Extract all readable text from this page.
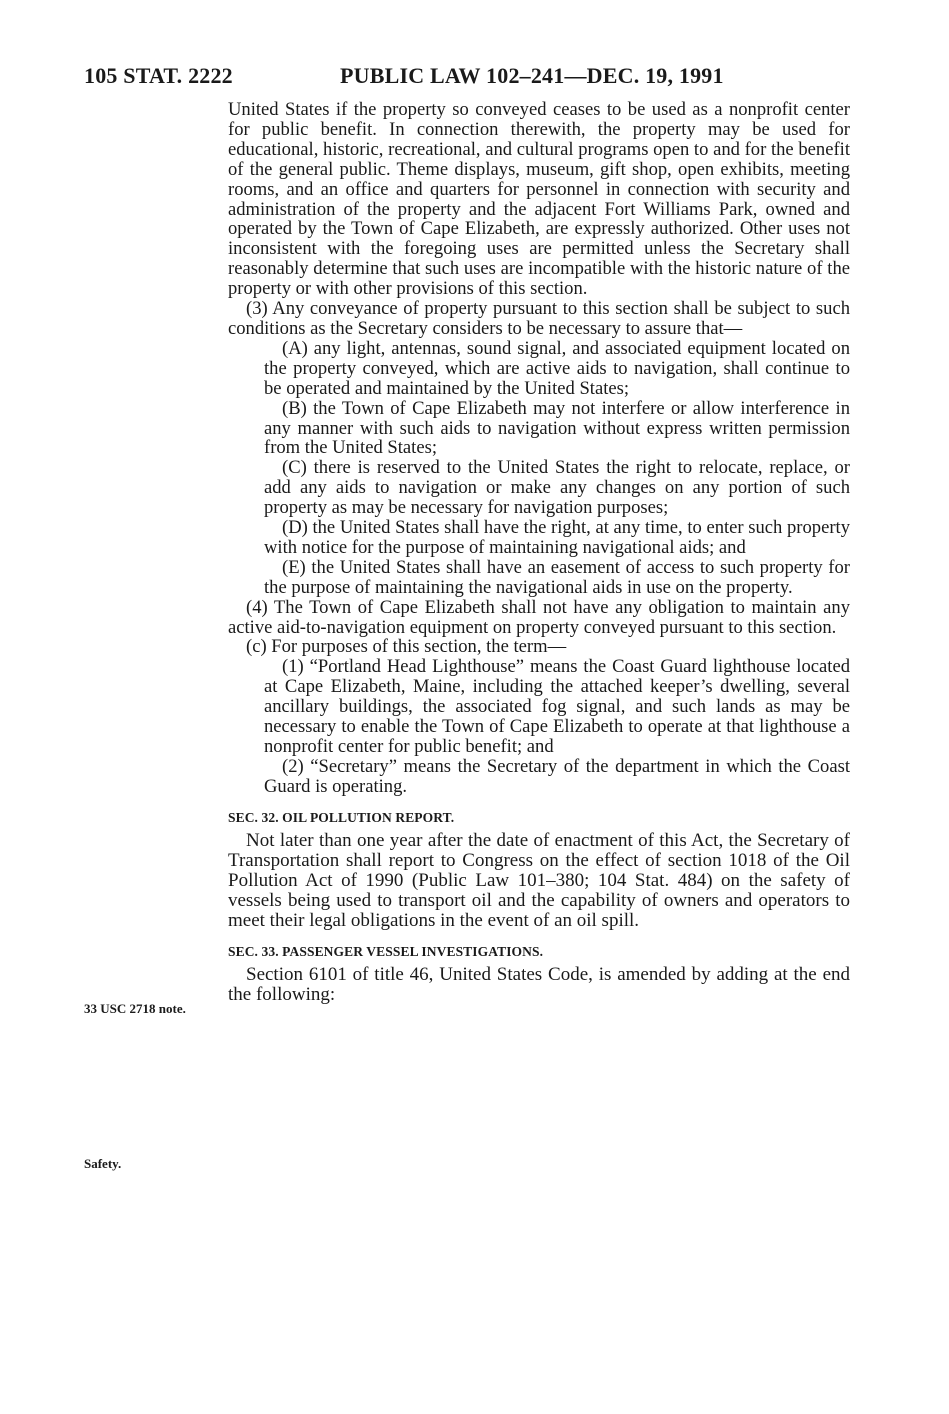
105 STAT. 2222	PUBLIC LAW 102–241—DEC. 19, 1991
33 USC 2718 note.
Safety.

United States if the property so conveyed ceases to be used as a nonprofit center for public benefit. In connection therewith, the property may be used for educational, historic, recreational, and cultural programs open to and for the benefit of the general public. Theme displays, museum, gift shop, open exhibits, meeting rooms, and an office and quarters for personnel in connection with security and administration of the property and the adjacent Fort Williams Park, owned and operated by the Town of Cape Elizabeth, are expressly authorized. Other uses not inconsistent with the foregoing uses are permitted unless the Secretary shall reasonably determine that such uses are incompatible with the historic nature of the property or with other provisions of this section.

(3) Any conveyance of property pursuant to this section shall be subject to such conditions as the Secretary considers to be necessary to assure that—

(A) any light, antennas, sound signal, and associated equipment located on the property conveyed, which are active aids to navigation, shall continue to be operated and maintained by the United States;

(B) the Town of Cape Elizabeth may not interfere or allow interference in any manner with such aids to navigation without express written permission from the United States;

(C) there is reserved to the United States the right to relocate, replace, or add any aids to navigation or make any changes on any portion of such property as may be necessary for navigation purposes;

(D) the United States shall have the right, at any time, to enter such property with notice for the purpose of maintaining navigational aids; and

(E) the United States shall have an easement of access to such property for the purpose of maintaining the navigational aids in use on the property.

(4) The Town of Cape Elizabeth shall not have any obligation to maintain any active aid-to-navigation equipment on property conveyed pursuant to this section.

(c) For purposes of this section, the term—

(1) “Portland Head Lighthouse” means the Coast Guard lighthouse located at Cape Elizabeth, Maine, including the attached keeper’s dwelling, several ancillary buildings, the associated fog signal, and such lands as may be necessary to enable the Town of Cape Elizabeth to operate at that lighthouse a nonprofit center for public benefit; and

(2) “Secretary” means the Secretary of the department in which the Coast Guard is operating.

SEC. 32. OIL POLLUTION REPORT.

Not later than one year after the date of enactment of this Act, the Secretary of Transportation shall report to Congress on the effect of section 1018 of the Oil Pollution Act of 1990 (Public Law 101–380; 104 Stat. 484) on the safety of vessels being used to transport oil and the capability of owners and operators to meet their legal obligations in the event of an oil spill.

SEC. 33. PASSENGER VESSEL INVESTIGATIONS.

Section 6101 of title 46, United States Code, is amended by adding at the end the following:
